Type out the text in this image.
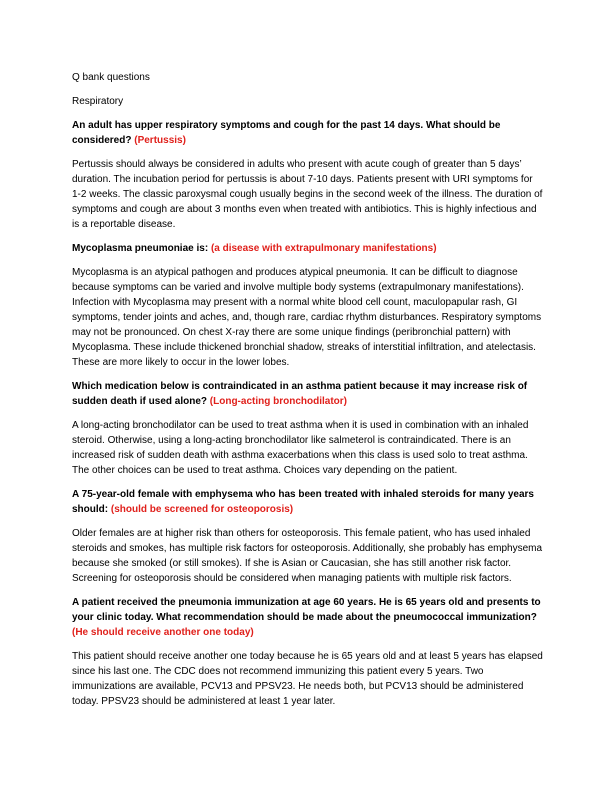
Q bank questions
Respiratory
An adult has upper respiratory symptoms and cough for the past 14 days. What should be considered? (Pertussis)
Pertussis should always be considered in adults who present with acute cough of greater than 5 days’ duration. The incubation period for pertussis is about 7-10 days. Patients present with URI symptoms for 1-2 weeks. The classic paroxysmal cough usually begins in the second week of the illness. The duration of symptoms and cough are about 3 months even when treated with antibiotics. This is highly infectious and is a reportable disease.
Mycoplasma pneumoniae is: (a disease with extrapulmonary manifestations)
Mycoplasma is an atypical pathogen and produces atypical pneumonia. It can be difficult to diagnose because symptoms can be varied and involve multiple body systems (extrapulmonary manifestations). Infection with Mycoplasma may present with a normal white blood cell count, maculopapular rash, GI symptoms, tender joints and aches, and, though rare, cardiac rhythm disturbances. Respiratory symptoms may not be pronounced. On chest X-ray there are some unique findings (peribronchial pattern) with Mycoplasma. These include thickened bronchial shadow, streaks of interstitial infiltration, and atelectasis. These are more likely to occur in the lower lobes.
Which medication below is contraindicated in an asthma patient because it may increase risk of sudden death if used alone? (Long-acting bronchodilator)
A long-acting bronchodilator can be used to treat asthma when it is used in combination with an inhaled steroid. Otherwise, using a long-acting bronchodilator like salmeterol is contraindicated. There is an increased risk of sudden death with asthma exacerbations when this class is used solo to treat asthma. The other choices can be used to treat asthma. Choices vary depending on the patient.
A 75-year-old female with emphysema who has been treated with inhaled steroids for many years should: (should be screened for osteoporosis)
Older females are at higher risk than others for osteoporosis. This female patient, who has used inhaled steroids and smokes, has multiple risk factors for osteoporosis. Additionally, she probably has emphysema because she smoked (or still smokes). If she is Asian or Caucasian, she has still another risk factor. Screening for osteoporosis should be considered when managing patients with multiple risk factors.
A patient received the pneumonia immunization at age 60 years. He is 65 years old and presents to your clinic today. What recommendation should be made about the pneumococcal immunization? (He should receive another one today)
This patient should receive another one today because he is 65 years old and at least 5 years has elapsed since his last one. The CDC does not recommend immunizing this patient every 5 years. Two immunizations are available, PCV13 and PPSV23. He needs both, but PCV13 should be administered today. PPSV23 should be administered at least 1 year later.
